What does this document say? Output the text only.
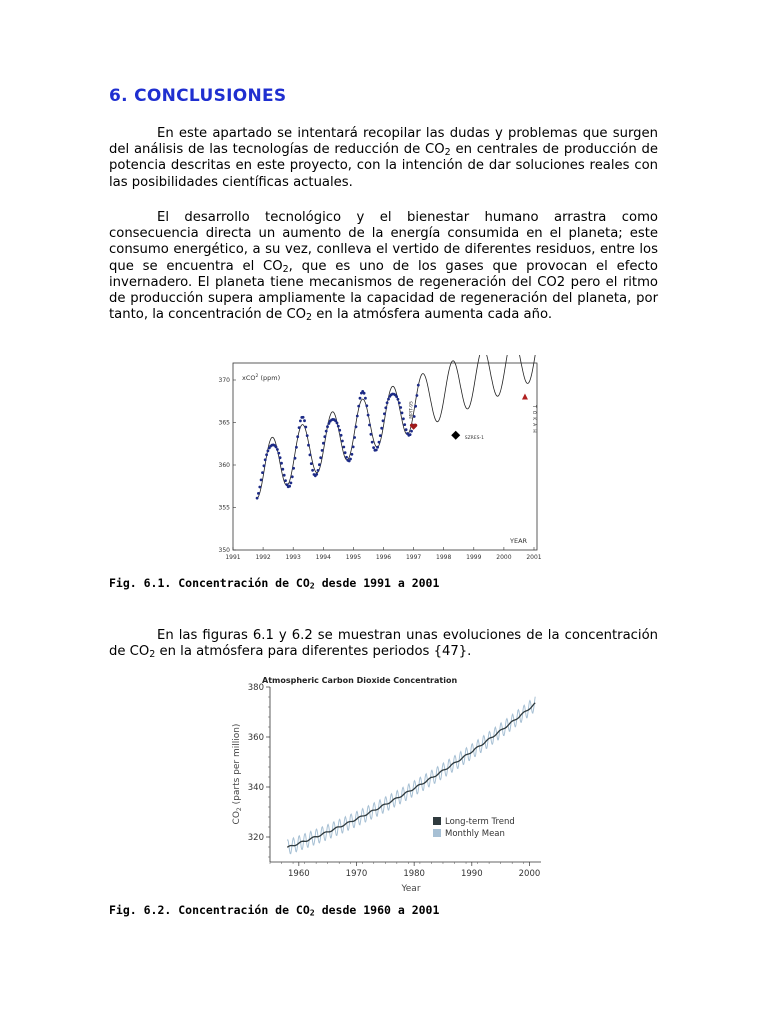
6. CONCLUSIONES

En este apartado se intentará recopilar las dudas y problemas que surgen del análisis de las tecnologías de reducción de $CO_2$ en centrales de producción de potencia descritas en este proyecto, con la intención de dar soluciones reales con las posibilidades científicas actuales.

El desarrollo tecnológico y el bienestar humano arrastra como consecuencia directa un aumento de la energía consumida en el planeta; este consumo energético, a su vez, conlleva el vertido de diferentes residuos, entre los que se encuentra el $CO_2$, que es uno de los gases que provocan el efecto invernadero. El planeta tiene mecanismos de regeneración del CO2 pero el ritmo de producción supera ampliamente la capacidad de regeneración del planeta, por tanto, la concentración de $CO_2$ en la atmósfera aumenta cada año.

xCO$^2$ (ppm)
YEAR
1991 1992 1993 1994 1995 1996 1997 1998 1999 2000 2001
350
355
360
365
370
MPIT-95
SZRES-1
TOKAH

Fig. 6.1. Concentración de $CO_2$ desde 1991 a 2001

En las figuras 6.1 y 6.2 se muestran unas evoluciones de la concentración de $CO_2$ en la atmósfera para diferentes periodos {47}.

Atmospheric Carbon Dioxide Concentration
$CO_2$ (parts per million)
Year
1960	1970	1980	1990	2000
320
340
360
380
Long-term Trend
Monthly Mean

Fig. 6.2. Concentración de $CO_2$ desde 1960 a 2001
